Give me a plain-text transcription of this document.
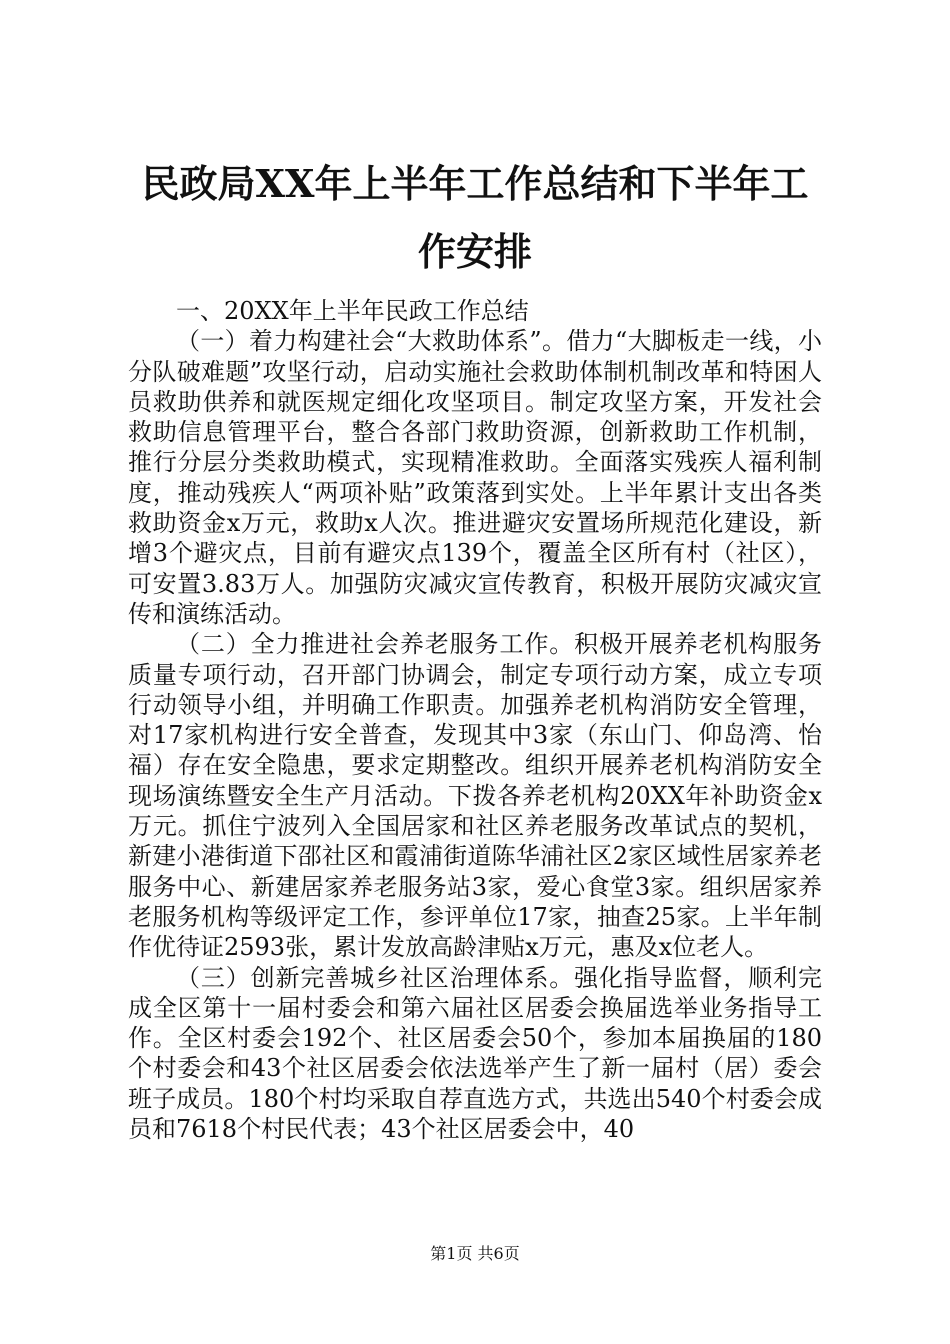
民政局XX年上半年工作总结和下半年工作安排
一、20XX年上半年民政工作总结

（一）着力构建社会“大救助体系”。借力“大脚板走一线，小分队破难题”攻坚行动，启动实施社会救助体制机制改革和特困人员救助供养和就医规定细化攻坚项目。制定攻坚方案，开发社会救助信息管理平台，整合各部门救助资源，创新救助工作机制，推行分层分类救助模式，实现精准救助。全面落实残疾人福利制度，推动残疾人“两项补贴”政策落到实处。上半年累计支出各类救助资金x万元，救助x人次。推进避灾安置场所规范化建设，新增3个避灾点，目前有避灾点139个，覆盖全区所有村（社区），可安置3.83万人。加强防灾减灾宣传教育，积极开展防灾减灾宣传和演练活动。

（二）全力推进社会养老服务工作。积极开展养老机构服务质量专项行动，召开部门协调会，制定专项行动方案，成立专项行动领导小组，并明确工作职责。加强养老机构消防安全管理，对17家机构进行安全普查，发现其中3家（东山门、仰岛湾、怡福）存在安全隐患，要求定期整改。组织开展养老机构消防安全现场演练暨安全生产月活动。下拨各养老机构20XX年补助资金x万元。抓住宁波列入全国居家和社区养老服务改革试点的契机，新建小港街道下邵社区和霞浦街道陈华浦社区2家区域性居家养老服务中心、新建居家养老服务站3家，爱心食堂3家。组织居家养老服务机构等级评定工作，参评单位17家，抽查25家。上半年制作优待证2593张，累计发放高龄津贴x万元，惠及x位老人。

（三）创新完善城乡社区治理体系。强化指导监督，顺利完成全区第十一届村委会和第六届社区居委会换届选举业务指导工作。全区村委会192个、社区居委会50个，参加本届换届的180个村委会和43个社区居委会依法选举产生了新一届村（居）委会班子成员。180个村均采取自荐直选方式，共选出540个村委会成员和7618个村民代表；43个社区居委会中，40

第1页 共6页
